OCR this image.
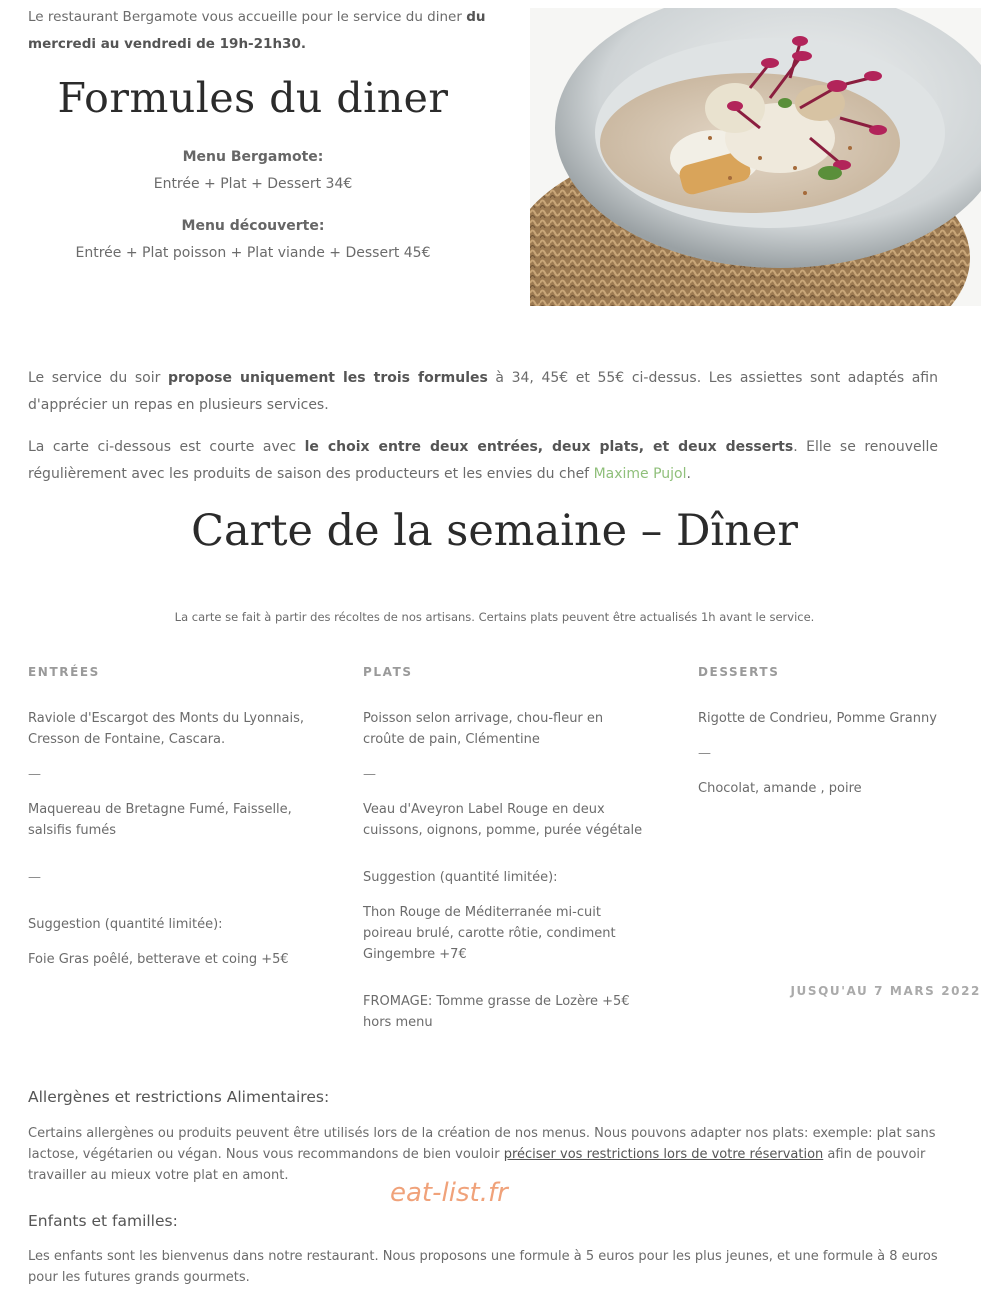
Le restaurant Bergamote vous accueille pour le service du diner du mercredi au vendredi de 19h-21h30.
Formules du diner
Menu Bergamote:
Entrée + Plat + Dessert 34€
Menu découverte:
Entrée + Plat poisson + Plat viande + Dessert 45€

Le service du soir propose uniquement les trois formules à 34, 45€ et 55€ ci-dessus. Les assiettes sont adaptés afin d'apprécier un repas en plusieurs services.

La carte ci-dessous est courte avec le choix entre deux entrées, deux plats, et deux desserts. Elle se renouvelle régulièrement avec les produits de saison des producteurs et les envies du chef Maxime Pujol.

Carte de la semaine – Dîner
La carte se fait à partir des récoltes de nos artisans. Certains plats peuvent être actualisés 1h avant le service.
ENTRÉES
Raviole d'Escargot des Monts du Lyonnais, Cresson de Fontaine, Cascara.
—
Maquereau de Bretagne Fumé, Faisselle, salsifis fumés
—
Suggestion (quantité limitée):
Foie Gras poêlé, betterave et coing +5€
PLATS
Poisson selon arrivage, chou-fleur en croûte de pain, Clémentine
—
Veau d'Aveyron Label Rouge en deux cuissons, oignons, pomme, purée végétale
Suggestion (quantité limitée):
Thon Rouge de Méditerranée mi-cuit poireau brulé, carotte rôtie, condiment Gingembre +7€
FROMAGE: Tomme grasse de Lozère +5€ hors menu
DESSERTS
Rigotte de Condrieu, Pomme Granny
—
Chocolat, amande , poire
JUSQU'AU 7 MARS 2022
Allergènes et restrictions Alimentaires:

Certains allergènes ou produits peuvent être utilisés lors de la création de nos menus. Nous pouvons adapter nos plats: exemple: plat sans lactose, végétarien ou végan. Nous vous recommandons de bien vouloir préciser vos restrictions lors de votre réservation afin de pouvoir travailler au mieux votre plat en amont.

eat-list.fr
Enfants et familles:

Les enfants sont les bienvenus dans notre restaurant. Nous proposons une formule à 5 euros pour les plus jeunes, et une formule à 8 euros pour les futures grands gourmets.
